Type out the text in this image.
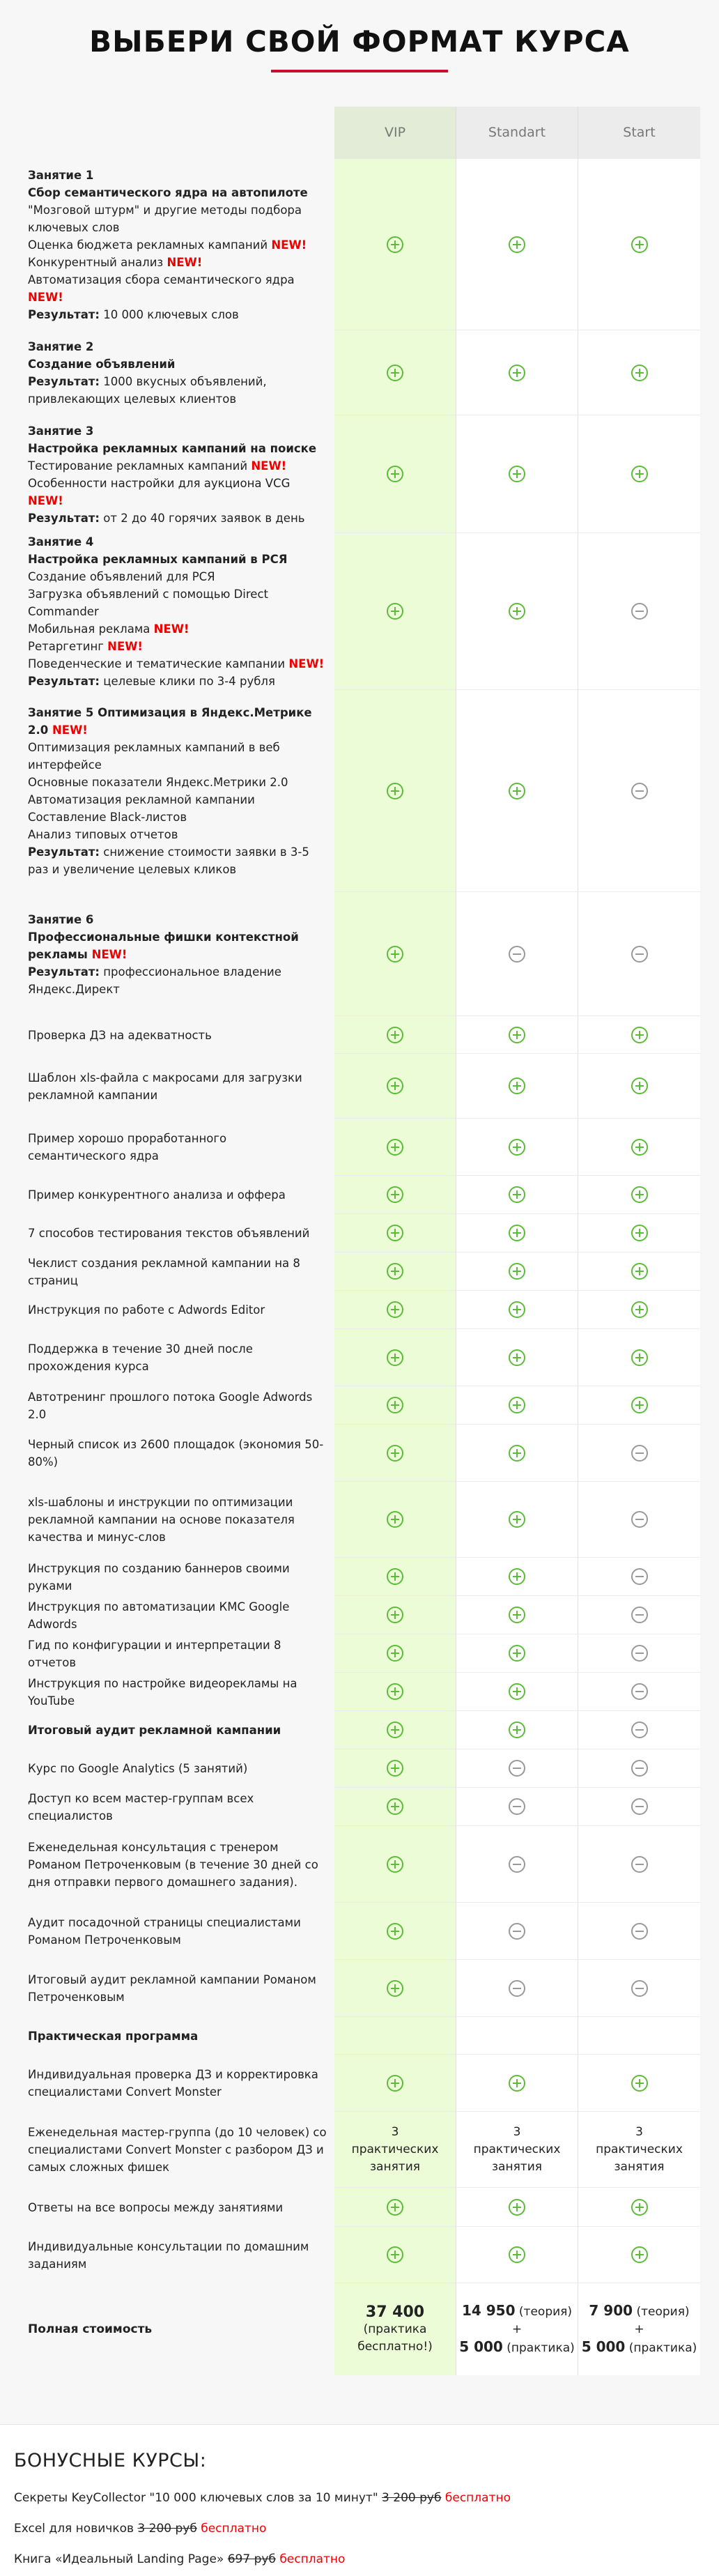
ВЫБЕРИ СВОЙ ФОРМАТ КУРСА
VIP	Standart	Start
Занятие 1
Сбор семантического ядра на автопилоте
"Мозговой штурм" и другие методы подбора ключевых слов
Оценка бюджета рекламных кампаний NEW!
Конкурентный анализ NEW!
Автоматизация сбора семантического ядра NEW!
Результат: 10 000 ключевых слов
Занятие 2
Создание объявлений
Результат: 1000 вкусных объявлений, привлекающих целевых клиентов
Занятие 3
Настройка рекламных кампаний на поиске
Тестирование рекламных кампаний NEW!
Особенности настройки для аукциона VCG NEW!
Результат: от 2 до 40 горячих заявок в день
Занятие 4
Настройка рекламных кампаний в РСЯ
Создание объявлений для РСЯ
Загрузка объявлений с помощью Direct Commander
Мобильная реклама NEW!
Ретаргетинг NEW!
Поведенческие и тематические кампании NEW!
Результат: целевые клики по 3-4 рубля
Занятие 5 Оптимизация в Яндекс.Метрике 2.0 NEW!
Оптимизация рекламных кампаний в веб интерфейсе
Основные показатели Яндекс.Метрики 2.0
Автоматизация рекламной кампании
Составление Black-листов
Анализ типовых отчетов
Результат: снижение стоимости заявки в 3-5 раз и увеличение целевых кликов
Занятие 6
Профессиональные фишки контекстной рекламы NEW!
Результат: профессиональное владение Яндекс.Директ
Проверка ДЗ на адекватность
Шаблон xls-файла с макросами для загрузки рекламной кампании
Пример хорошо проработанного семантического ядра
Пример конкурентного анализа и оффера
7 способов тестирования текстов объявлений
Чеклист создания рекламной кампании на 8 страниц
Инструкция по работе с Adwords Editor
Поддержка в течение 30 дней после прохождения курса
Автотренинг прошлого потока Google Adwords 2.0
Черный список из 2600 площадок (экономия 50-80%)
xls-шаблоны и инструкции по оптимизации рекламной кампании на основе показателя качества и минус-слов
Инструкция по созданию баннеров своими руками
Инструкция по автоматизации КМС Google Adwords
Гид по конфигурации и интерпретации 8 отчетов
Инструкция по настройке видеорекламы на YouTube
Итоговый аудит рекламной кампании
Курс по Google Analytics (5 занятий)
Доступ ко всем мастер-группам всех специалистов
Еженедельная консультация с тренером Романом Петроченковым (в течение 30 дней со дня отправки первого домашнего задания).
Аудит посадочной страницы специалистами Романом Петроченковым
Итоговый аудит рекламной кампании Романом Петроченковым
Практическая программа
Индивидуальная проверка ДЗ и корректировка специалистами Convert Monster
Еженедельная мастер-группа (до 10 человек) со специалистами Convert Monster с разбором ДЗ и самых сложных фишек
3 практических занятия
3 практических занятия
3 практических занятия
Ответы на все вопросы между занятиями
Индивидуальные консультации по домашним заданиям
Полная стоимость
37 400
(практика бесплатно!)
14 950 (теория)
+
5 000 (практика)
7 900 (теория)
+
5 000 (практика)
БОНУСНЫЕ КУРСЫ:
Секреты KeyCollector "10 000 ключевых слов за 10 минут" 3 200 руб бесплатно
Excel для новичков 3 200 руб бесплатно
Книга «Идеальный Landing Page» 697 руб бесплатно
